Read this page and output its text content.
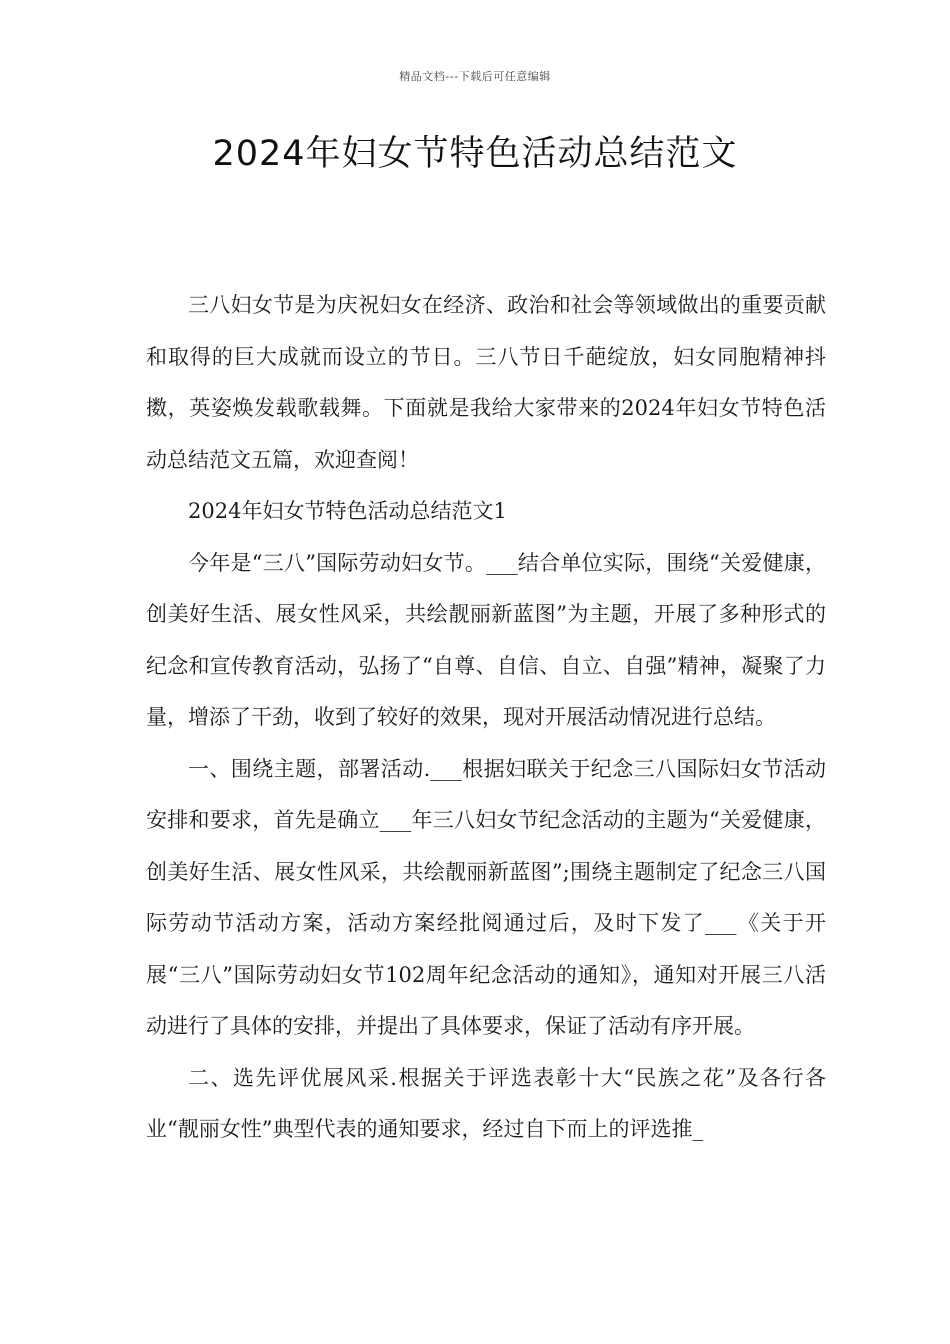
精品文档---下载后可任意编辑
2024年妇女节特色活动总结范文

三八妇女节是为庆祝妇女在经济、政治和社会等领域做出的重要贡献和取得的巨大成就而设立的节日。三八节日千葩绽放，妇女同胞精神抖擞，英姿焕发载歌载舞。下面就是我给大家带来的2024年妇女节特色活动总结范文五篇，欢迎查阅！

2024年妇女节特色活动总结范文1

今年是“三八”国际劳动妇女节。___结合单位实际，围绕“关爱健康，创美好生活、展女性风采，共绘靓丽新蓝图”为主题，开展了多种形式的纪念和宣传教育活动，弘扬了“自尊、自信、自立、自强”精神，凝聚了力量，增添了干劲，收到了较好的效果，现对开展活动情况进行总结。

一、围绕主题，部署活动.___根据妇联关于纪念三八国际妇女节活动安排和要求，首先是确立___年三八妇女节纪念活动的主题为“关爱健康，创美好生活、展女性风采，共绘靓丽新蓝图”;围绕主题制定了纪念三八国际劳动节活动方案，活动方案经批阅通过后，及时下发了___《关于开展“三八”国际劳动妇女节102周年纪念活动的通知》，通知对开展三八活动进行了具体的安排，并提出了具体要求，保证了活动有序开展。

二、选先评优展风采.根据关于评选表彰十大“民族之花”及各行各业“靓丽女性”典型代表的通知要求，经过自下而上的评选推_
